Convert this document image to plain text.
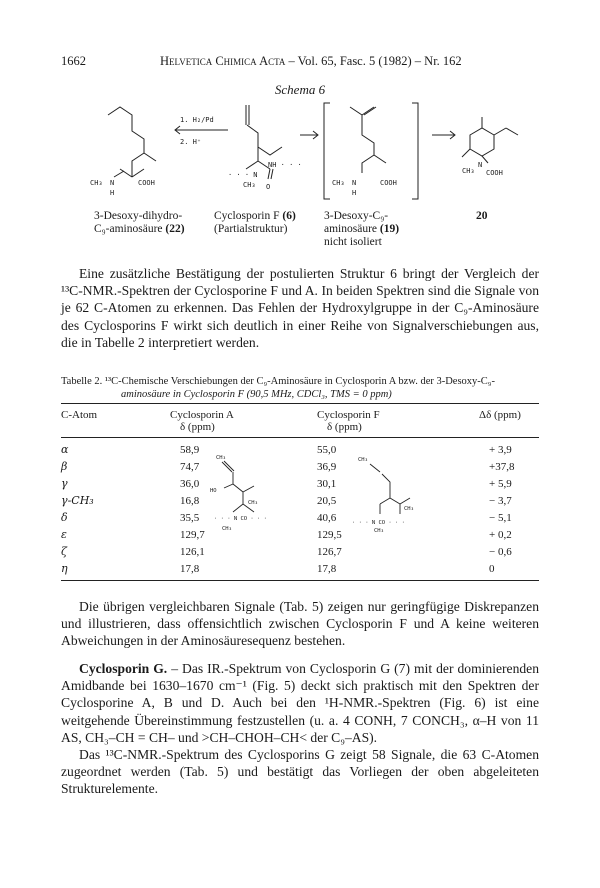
1662	Helvetica Chimica Acta – Vol. 65, Fasc. 5 (1982) – Nr. 162
Schema 6
1. H₂/Pd
2. H⁺
CH₃ N
H
COOH
· · · N
NH · · ·
CH₃ O	CH₃ N
H
COOH
N
CH₃ COOH
3-Desoxy-dihydro-
C₉-aminosäure (22)
Cyclosporin F (6)
(Partialstruktur)
3-Desoxy-C₉-
aminosäure (19)
nicht isoliert
20

Eine zusätzliche Bestätigung der postulierten Struktur 6 bringt der Vergleich der ¹³C-NMR.-Spektren der Cyclosporine F und A. In beiden Spektren sind die Signale von je 62 C-Atomen zu erkennen. Das Fehlen der Hydroxylgruppe in der C₉-Aminosäure des Cyclosporins F wirkt sich deutlich in einer Reihe von Signalverschiebungen aus, die in Tabelle 2 interpretiert werden.

Tabelle 2. ¹³C-Chemische Verschiebungen der C₉-Aminosäure in Cyclosporin A bzw. der 3-Desoxy-C₉-
aminosäure in Cyclosporin F (90,5 MHz, CDCl₃, TMS = 0 ppm)
C-Atom	Cyclosporin A
δ (ppm)
Cyclosporin F
δ (ppm)
Δδ (ppm)
α	58,9	55,0	+ 3,9
β	74,7	36,9	+37,8
γ	36,0	30,1	+ 5,9
γ-CH₃	16,8	20,5	− 3,7
δ	35,5	40,6	− 5,1
ε	129,7	129,5	+ 0,2
ζ	126,1	126,7	− 0,6
η	17,8	17,8	0
CH₃
HO
CH₃
· · · N CO · · ·
CH₃
CH₃
CH₃
· · · N CO · · ·
CH₃

Die übrigen vergleichbaren Signale (Tab. 5) zeigen nur geringfügige Diskrepanzen und illustrieren, dass offensichtlich zwischen Cyclosporin F und A keine weiteren Abweichungen in der Aminosäuresequenz bestehen.

Cyclosporin G. – Das IR.-Spektrum von Cyclosporin G (7) mit der dominierenden Amidbande bei 1630–1670 cm⁻¹ (Fig. 5) deckt sich praktisch mit den Spektren der Cyclosporine A, B und D. Auch bei den ¹H-NMR.-Spektren (Fig. 6) ist eine weitgehende Übereinstimmung festzustellen (u. a. 4 CONH, 7 CONCH₃, α–H von 11 AS, CH₃–CH = CH– und >CH–CHOH–CH< der C₉–AS).

Das ¹³C-NMR.-Spektrum des Cyclosporins G zeigt 58 Signale, die 63 C-Atomen zugeordnet werden (Tab. 5) und bestätigt das Vorliegen der oben abgeleiteten Strukturelemente.
